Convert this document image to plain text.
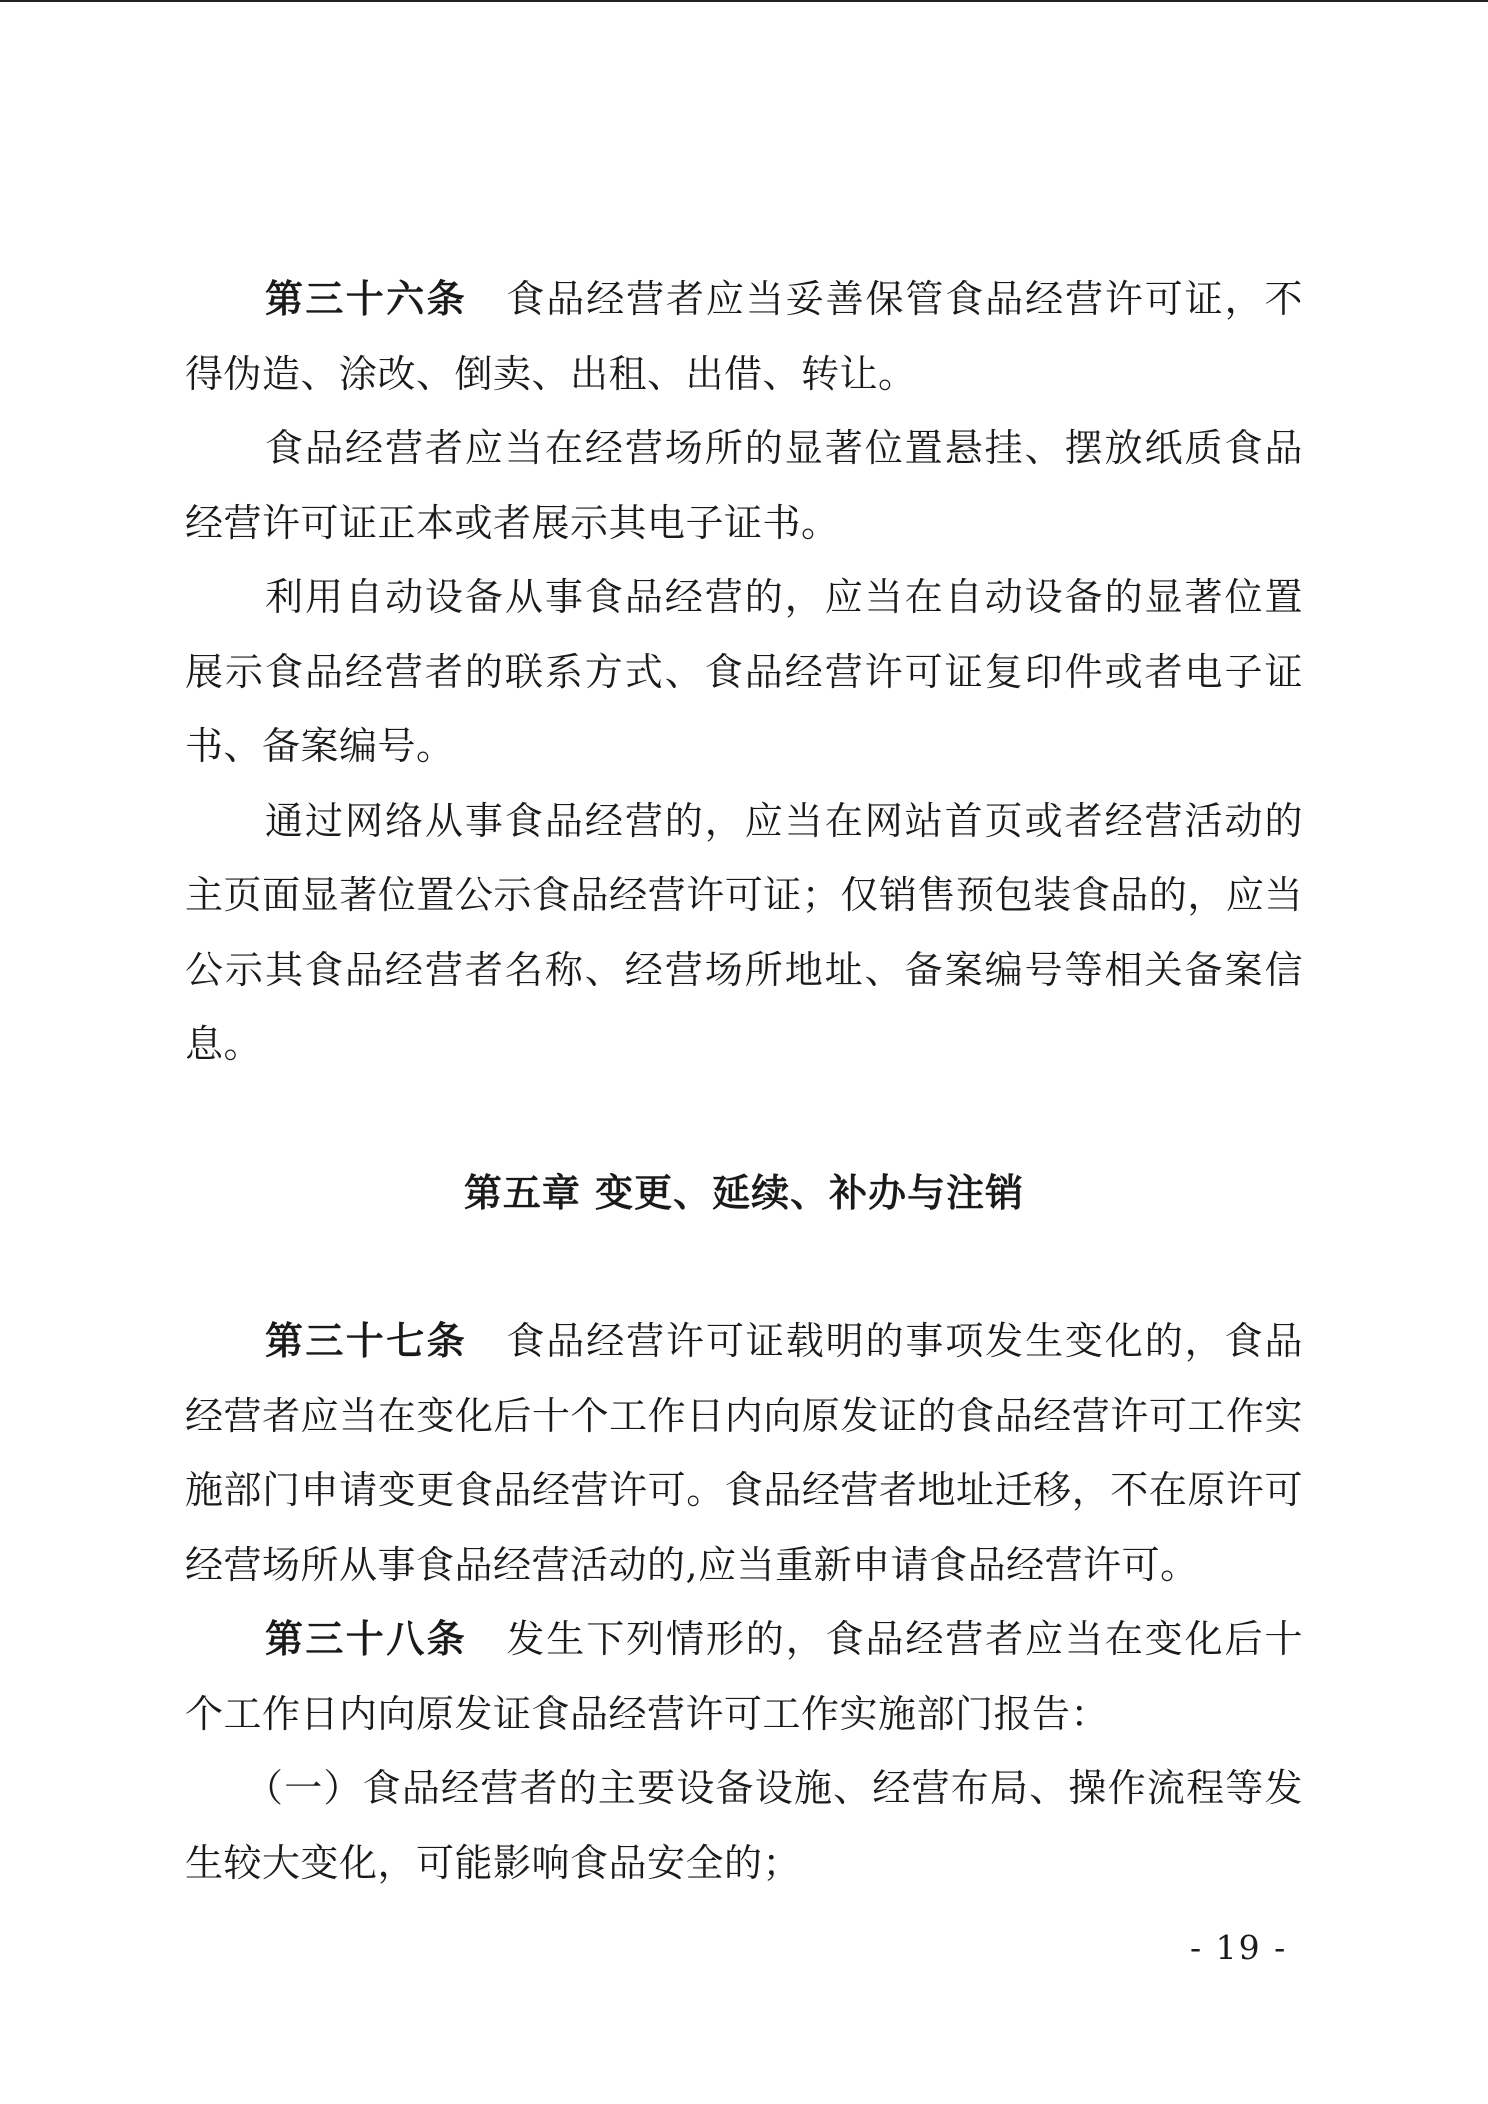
第三十六条 食品经营者应当妥善保管食品经营许可证，不得伪造、涂改、倒卖、出租、出借、转让。

食品经营者应当在经营场所的显著位置悬挂、摆放纸质食品经营许可证正本或者展示其电子证书。

利用自动设备从事食品经营的，应当在自动设备的显著位置展示食品经营者的联系方式、食品经营许可证复印件或者电子证书、备案编号。

通过网络从事食品经营的，应当在网站首页或者经营活动的主页面显著位置公示食品经营许可证；仅销售预包装食品的，应当公示其食品经营者名称、经营场所地址、备案编号等相关备案信息。

第五章 变更、延续、补办与注销

第三十七条 食品经营许可证载明的事项发生变化的，食品经营者应当在变化后十个工作日内向原发证的食品经营许可工作实施部门申请变更食品经营许可。食品经营者地址迁移，不在原许可经营场所从事食品经营活动的,应当重新申请食品经营许可。

第三十八条 发生下列情形的，食品经营者应当在变化后十个工作日内向原发证食品经营许可工作实施部门报告：

（一）食品经营者的主要设备设施、经营布局、操作流程等发生较大变化，可能影响食品安全的；

- 19 -
